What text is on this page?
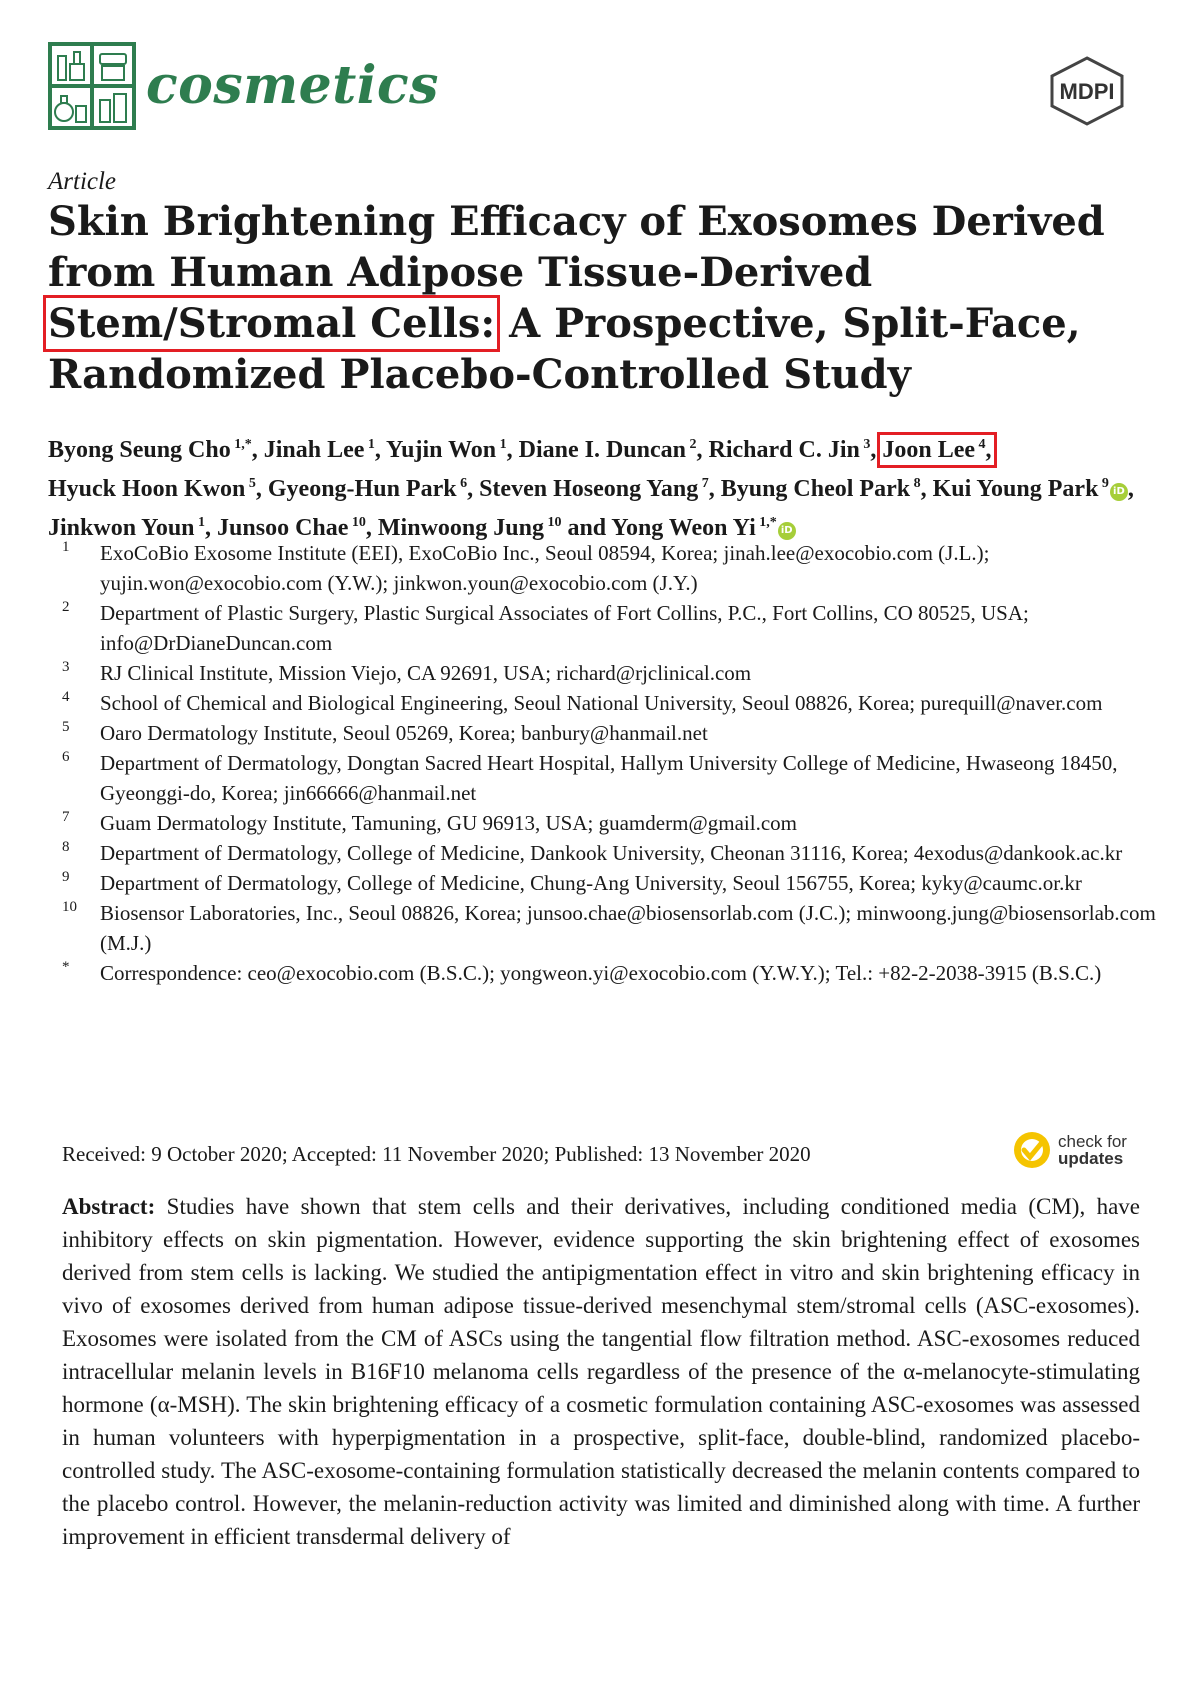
cosmetics	MDPI
Article
Skin Brightening Efficacy of Exosomes Derived from Human Adipose Tissue-Derived Stem/Stromal Cells: A Prospective, Split-Face, Randomized Placebo-Controlled Study
Byong Seung Cho $^{1,*}$, Jinah Lee $^1$, Yujin Won $^1$, Diane I. Duncan $^2$, Richard C. Jin $^3$, Joon Lee $^4$, Hyuck Hoon Kwon $^5$, Gyeong-Hun Park $^6$, Steven Hoseong Yang $^7$, Byung Cheol Park $^8$, Kui Young Park $^9$iD , Jinkwon Youn $^1$, Junsoo Chae $^{10}$, Minwoong Jung $^{10}$ and Yong Weon Yi $^{1,*}$iD
1 ExoCoBio Exosome Institute (EEI), ExoCoBio Inc., Seoul 08594, Korea; jinah.lee@exocobio.com (J.L.); yujin.won@exocobio.com (Y.W.); jinkwon.youn@exocobio.com (J.Y.)
2 Department of Plastic Surgery, Plastic Surgical Associates of Fort Collins, P.C., Fort Collins, CO 80525, USA; info@DrDianeDuncan.com
3 RJ Clinical Institute, Mission Viejo, CA 92691, USA; richard@rjclinical.com
4 School of Chemical and Biological Engineering, Seoul National University, Seoul 08826, Korea; purequill@naver.com
5 Oaro Dermatology Institute, Seoul 05269, Korea; banbury@hanmail.net
6 Department of Dermatology, Dongtan Sacred Heart Hospital, Hallym University College of Medicine, Hwaseong 18450, Gyeonggi-do, Korea; jin66666@hanmail.net
7 Guam Dermatology Institute, Tamuning, GU 96913, USA; guamderm@gmail.com
8 Department of Dermatology, College of Medicine, Dankook University, Cheonan 31116, Korea; 4exodus@dankook.ac.kr
9 Department of Dermatology, College of Medicine, Chung-Ang University, Seoul 156755, Korea; kyky@caumc.or.kr
10 Biosensor Laboratories, Inc., Seoul 08826, Korea; junsoo.chae@biosensorlab.com (J.C.); minwoong.jung@biosensorlab.com (M.J.)
* Correspondence: ceo@exocobio.com (B.S.C.); yongweon.yi@exocobio.com (Y.W.Y.); Tel.: +82-2-2038-3915 (B.S.C.)
Received: 9 October 2020; Accepted: 11 November 2020; Published: 13 November 2020
check for
updates

Abstract: Studies have shown that stem cells and their derivatives, including conditioned media (CM), have inhibitory effects on skin pigmentation. However, evidence supporting the skin brightening effect of exosomes derived from stem cells is lacking. We studied the antipigmentation effect in vitro and skin brightening efficacy in vivo of exosomes derived from human adipose tissue-derived mesenchymal stem/stromal cells (ASC-exosomes). Exosomes were isolated from the CM of ASCs using the tangential flow filtration method. ASC-exosomes reduced intracellular melanin levels in B16F10 melanoma cells regardless of the presence of the α-melanocyte-stimulating hormone (α-MSH). The skin brightening efficacy of a cosmetic formulation containing ASC-exosomes was assessed in human volunteers with hyperpigmentation in a prospective, split-face, double-blind, randomized placebo-controlled study. The ASC-exosome-containing formulation statistically decreased the melanin contents compared to the placebo control. However, the melanin-reduction activity was limited and diminished along with time. A further improvement in efficient transdermal delivery of
